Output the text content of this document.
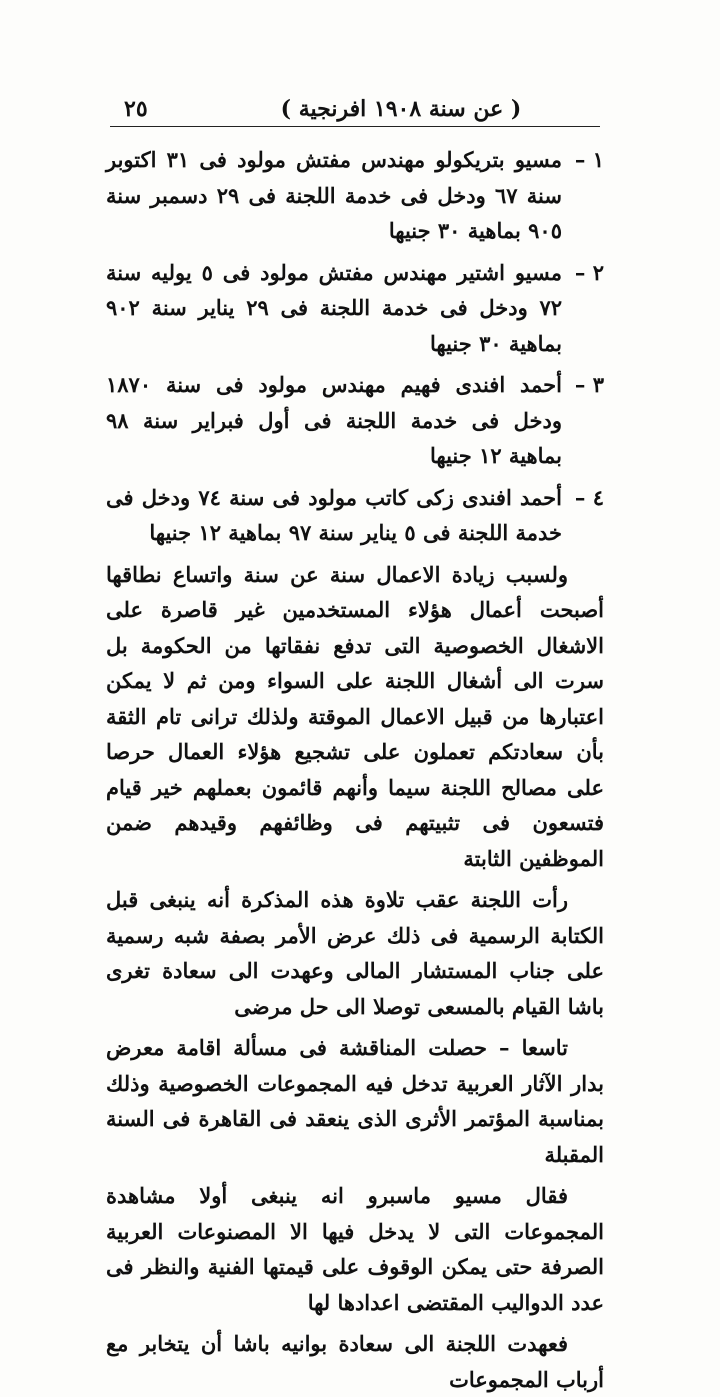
٢٥	( عن سنة ١٩٠٨ افرنجية )
١ –
مسيو بتريكولو مهندس مفتش مولود فى ٣١ اكتوبر سنة ٦٧ ودخل فى خدمة اللجنة فى ٢٩ دسمبر سنة ٩٠٥ بماهية ٣٠ جنيها
٢ –
مسيو اشتير مهندس مفتش مولود فى ٥ يوليه سنة ٧٢ ودخل فى خدمة اللجنة فى ٢٩ يناير سنة ٩٠٢ بماهية ٣٠ جنيها
٣ –
أحمد افندى فهيم مهندس مولود فى سنة ١٨٧٠ ودخل فى خدمة اللجنة فى أول فبراير سنة ٩٨ بماهية ١٢ جنيها
٤ –
أحمد افندى زكى كاتب مولود فى سنة ٧٤ ودخل فى خدمة اللجنة فى ٥ يناير سنة ٩٧ بماهية ١٢ جنيها

ولسبب زيادة الاعمال سنة عن سنة واتساع نطاقها أصبحت أعمال هؤلاء المستخدمين غير قاصرة على الاشغال الخصوصية التى تدفع نفقاتها من الحكومة بل سرت الى أشغال اللجنة على السواء ومن ثم لا يمكن اعتبارها من قبيل الاعمال الموقتة ولذلك ترانى تام الثقة بأن سعادتكم تعملون على تشجيع هؤلاء العمال حرصا على مصالح اللجنة سيما وأنهم قائمون بعملهم خير قيام فتسعون فى تثبيتهم فى وظائفهم وقيدهم ضمن الموظفين الثابتة

رأت اللجنة عقب تلاوة هذه المذكرة أنه ينبغى قبل الكتابة الرسمية فى ذلك عرض الأمر بصفة شبه رسمية على جناب المستشار المالى وعهدت الى سعادة تغرى باشا القيام بالمسعى توصلا الى حل مرضى

تاسعا – حصلت المناقشة فى مسألة اقامة معرض بدار الآثار العربية تدخل فيه المجموعات الخصوصية وذلك بمناسبة المؤتمر الأثرى الذى ينعقد فى القاهرة فى السنة المقبلة

فقال مسيو ماسبرو انه ينبغى أولا مشاهدة المجموعات التى لا يدخل فيها الا المصنوعات العربية الصرفة حتى يمكن الوقوف على قيمتها الفنية والنظر فى عدد الدواليب المقتضى اعدادها لها

فعهدت اللجنة الى سعادة بوانيه باشا أن يتخابر مع أرباب المجموعات
